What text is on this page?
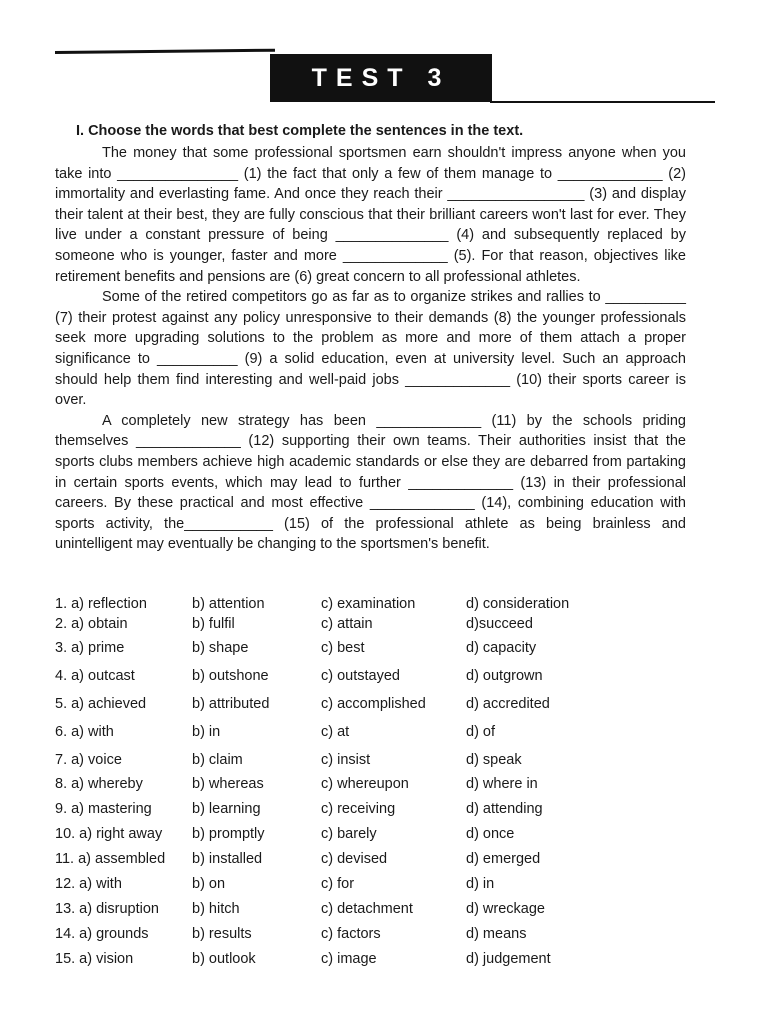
TEST 3
I. Choose the words that best complete the sentences in the text.

The money that some professional sportsmen earn shouldn't impress anyone when you take into _______________ (1) the fact that only a few of them manage to _____________ (2) immortality and everlasting fame. And once they reach their _________________ (3) and display their talent at their best, they are fully conscious that their brilliant careers won't last for ever. They live under a constant pressure of being ______________ (4) and subsequently replaced by someone who is younger, faster and more _____________ (5). For that reason, objectives like retirement benefits and pensions are (6) great concern to all professional athletes.

Some of the retired competitors go as far as to organize strikes and rallies to __________ (7) their protest against any policy unresponsive to their demands (8) the younger professionals seek more upgrading solutions to the problem as more and more of them attach a proper significance to __________ (9) a solid education, even at university level. Such an approach should help them find interesting and well-paid jobs _____________ (10) their sports career is over.

A completely new strategy has been _____________ (11) by the schools priding themselves _____________ (12) supporting their own teams. Their authorities insist that the sports clubs members achieve high academic standards or else they are debarred from partaking in certain sports events, which may lead to further _____________ (13) in their professional careers. By these practical and most effective _____________ (14), combining education with sports activity, the___________ (15) of the professional athlete as being brainless and unintelligent may eventually be changing to the sportsmen's benefit.

1. a) reflection	b) attention	c) examination	d) consideration
2. a) obtain	b) fulfil	c) attain	d)succeed
3. a) prime	b) shape	c) best	d) capacity
4. a) outcast	b) outshone	c) outstayed	d) outgrown
5. a) achieved	b) attributed	c) accomplished	d) accredited
6. a) with	b) in	c) at	d) of
7. a) voice	b) claim	c) insist	d) speak
8. a) whereby	b) whereas	c) whereupon	d) where in
9. a) mastering	b) learning	c) receiving	d) attending
10. a) right away b) promptly	c) barely	d) once
11. a) assembled b) installed	c) devised	d) emerged
12. a) with	b) on	c) for	d) in
13. a) disruption b) hitch	c) detachment	d) wreckage
14. a) grounds	b) results	c) factors	d) means
15. a) vision	b) outlook	c) image	d) judgement
